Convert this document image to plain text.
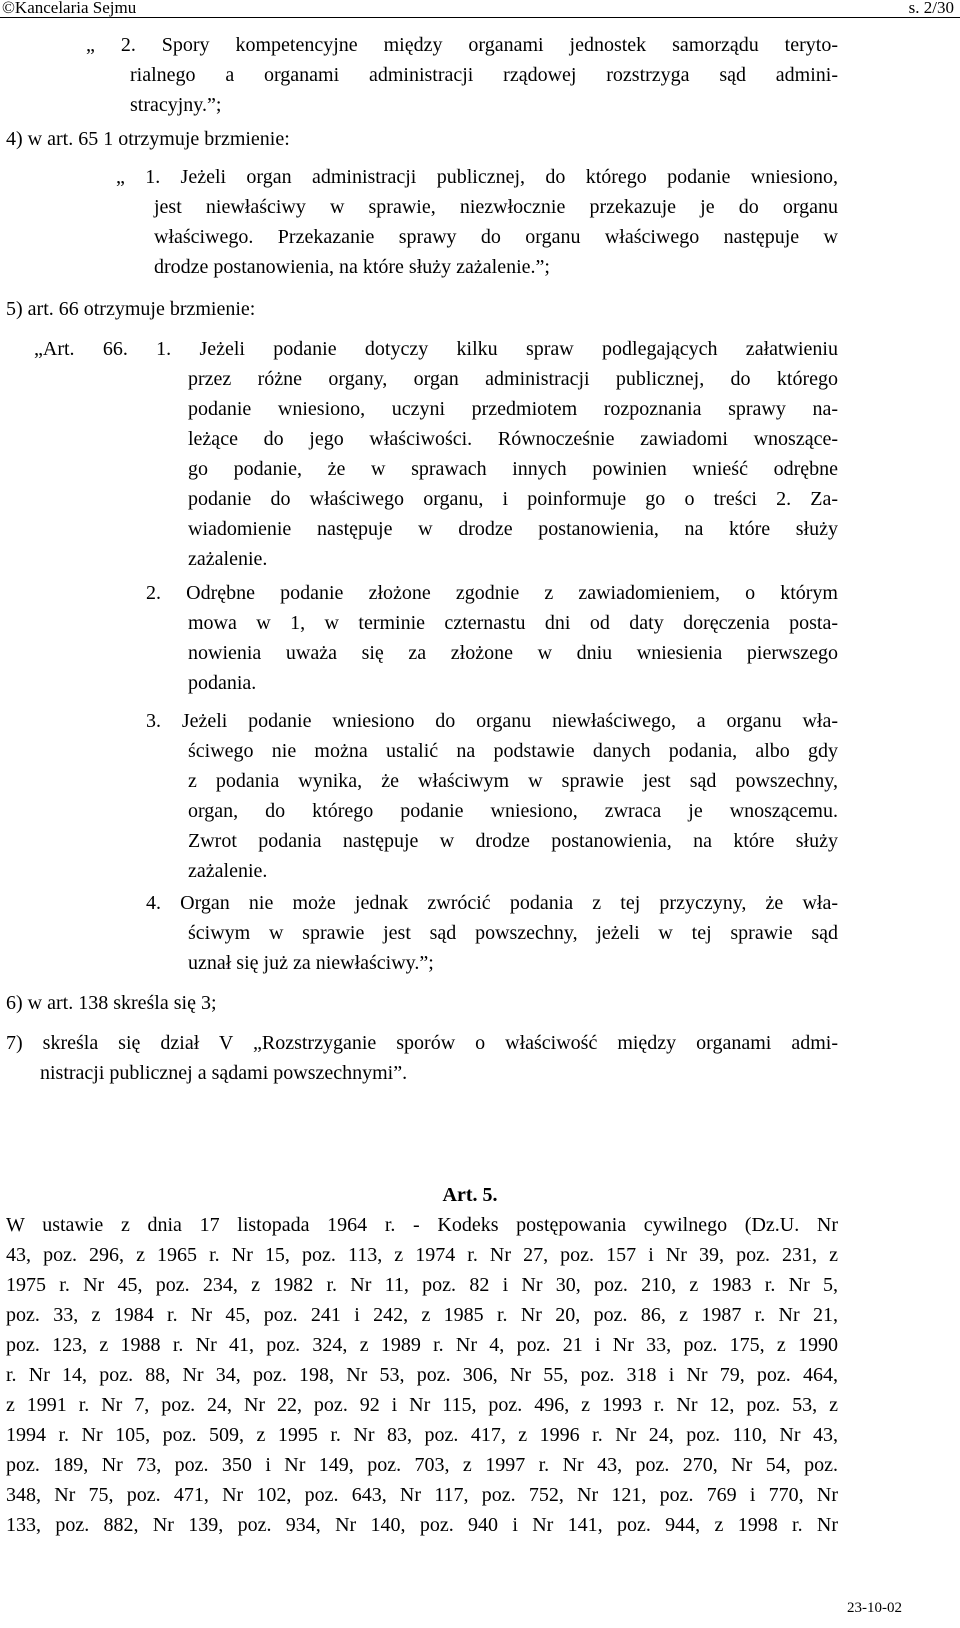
©Kancelaria Sejmu	s. 2/30
„ 2. Spory kompetencyjne między organami jednostek samorządu teryto-
rialnego a organami administracji rządowej rozstrzyga sąd admini-
stracyjny.”;
4) w art. 65 1 otrzymuje brzmienie:
„ 1. Jeżeli organ administracji publicznej, do którego podanie wniesiono,
jest niewłaściwy w sprawie, niezwłocznie przekazuje je do organu
właściwego. Przekazanie sprawy do organu właściwego następuje w
drodze postanowienia, na które służy zażalenie.”;
5) art. 66 otrzymuje brzmienie:
„Art. 66. 1. Jeżeli podanie dotyczy kilku spraw podlegających załatwieniu
przez różne organy, organ administracji publicznej, do którego
podanie wniesiono, uczyni przedmiotem rozpoznania sprawy na-
leżące do jego właściwości. Równocześnie zawiadomi wnoszące-
go podanie, że w sprawach innych powinien wnieść odrębne
podanie do właściwego organu, i poinformuje go o treści 2. Za-
wiadomienie następuje w drodze postanowienia, na które służy
zażalenie.
2. Odrębne podanie złożone zgodnie z zawiadomieniem, o którym
mowa w 1, w terminie czternastu dni od daty doręczenia posta-
nowienia uważa się za złożone w dniu wniesienia pierwszego
podania.
3. Jeżeli podanie wniesiono do organu niewłaściwego, a organu wła-
ściwego nie można ustalić na podstawie danych podania, albo gdy
z podania wynika, że właściwym w sprawie jest sąd powszechny,
organ, do którego podanie wniesiono, zwraca je wnoszącemu.
Zwrot podania następuje w drodze postanowienia, na które służy
zażalenie.
4. Organ nie może jednak zwrócić podania z tej przyczyny, że wła-
ściwym w sprawie jest sąd powszechny, jeżeli w tej sprawie sąd
uznał się już za niewłaściwy.”;
6) w art. 138 skreśla się 3;
7) skreśla się dział V „Rozstrzyganie sporów o właściwość między organami admi-
nistracji publicznej a sądami powszechnymi”.
Art. 5.
W ustawie z dnia 17 listopada 1964 r. - Kodeks postępowania cywilnego (Dz.U. Nr
43, poz. 296, z 1965 r. Nr 15, poz. 113, z 1974 r. Nr 27, poz. 157 i Nr 39, poz. 231, z
1975 r. Nr 45, poz. 234, z 1982 r. Nr 11, poz. 82 i Nr 30, poz. 210, z 1983 r. Nr 5,
poz. 33, z 1984 r. Nr 45, poz. 241 i 242, z 1985 r. Nr 20, poz. 86, z 1987 r. Nr 21,
poz. 123, z 1988 r. Nr 41, poz. 324, z 1989 r. Nr 4, poz. 21 i Nr 33, poz. 175, z 1990
r. Nr 14, poz. 88, Nr 34, poz. 198, Nr 53, poz. 306, Nr 55, poz. 318 i Nr 79, poz. 464,
z 1991 r. Nr 7, poz. 24, Nr 22, poz. 92 i Nr 115, poz. 496, z 1993 r. Nr 12, poz. 53, z
1994 r. Nr 105, poz. 509, z 1995 r. Nr 83, poz. 417, z 1996 r. Nr 24, poz. 110, Nr 43,
poz. 189, Nr 73, poz. 350 i Nr 149, poz. 703, z 1997 r. Nr 43, poz. 270, Nr 54, poz.
348, Nr 75, poz. 471, Nr 102, poz. 643, Nr 117, poz. 752, Nr 121, poz. 769 i 770, Nr
133, poz. 882, Nr 139, poz. 934, Nr 140, poz. 940 i Nr 141, poz. 944, z 1998 r. Nr
23-10-02
